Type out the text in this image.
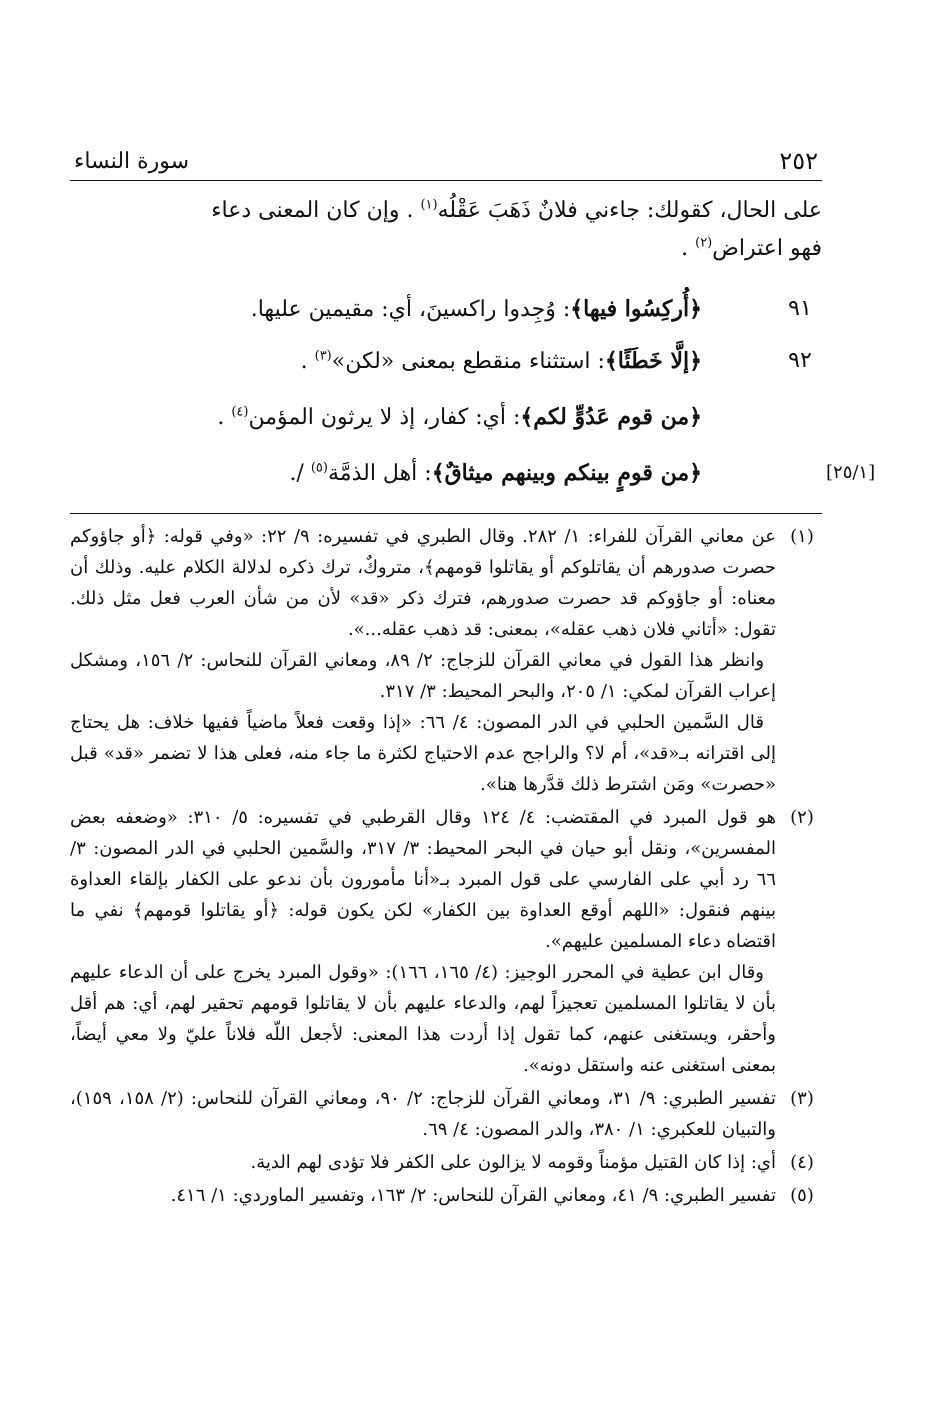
٢٥٢
سورة النساء

على الحال، كقولك: جاءني فلانٌ ذَهَبَ عَقْلُه$^{(١)}$ . وإن كان المعنى دعاء

فهو اعتراض$^{(٢)}$ .

٩١
﴿أُركِسُوا فيها﴾: وُجِدوا راكسينَ، أي: مقيمين عليها.
٩٢
﴿إلَّا خَطَئًا﴾: استثناء منقطع بمعنى «لكن»$^{(٣)}$ .
﴿من قوم عَدُوٍّ لكم﴾: أي: كفار، إذ لا يرثون المؤمن$^{(٤)}$ .
[٢٥/١]
﴿من قومٍ بينكم وبينهم ميثاقٌ﴾: أهل الذمَّة$^{(٥)}$ /.
(١)

عن معاني القرآن للفراء: ١/ ٢٨٢. وقال الطبري في تفسيره: ٩/ ٢٢: «وفي قوله: ﴿أو جاؤوكم حصرت صدورهم أن يقاتلوكم أو يقاتلوا قومهم﴾، متروكٌ، ترك ذكره لدلالة الكلام عليه. وذلك أن معناه: أو جاؤوكم قد حصرت صدورهم، فترك ذكر «قد» لأن من شأن العرب فعل مثل ذلك. تقول: «أتاني فلان ذهب عقله»، بمعنى: قد ذهب عقله...».

وانظر هذا القول في معاني القرآن للزجاج: ٢/ ٨٩، ومعاني القرآن للنحاس: ٢/ ١٥٦، ومشكل إعراب القرآن لمكي: ١/ ٢٠٥، والبحر المحيط: ٣/ ٣١٧.

قال السَّمين الحلبي في الدر المصون: ٤/ ٦٦: «إذا وقعت فعلاً ماضياً ففيها خلاف: هل يحتاج إلى اقترانه بـ«قد»، أم لا؟ والراجح عدم الاحتياج لكثرة ما جاء منه، فعلى هذا لا تضمر «قد» قبل «حصرت» ومَن اشترط ذلك قدَّرها هنا».

(٢)

هو قول المبرد في المقتضب: ٤/ ١٢٤ وقال القرطبي في تفسيره: ٥/ ٣١٠: «وضعفه بعض المفسرين»، ونقل أبو حيان في البحر المحيط: ٣/ ٣١٧، والسَّمين الحلبي في الدر المصون: ٣/ ٦٦ رد أبي على الفارسي على قول المبرد بـ«أنا مأمورون بأن ندعو على الكفار بإلقاء العداوة بينهم فنقول: «اللهم أوقع العداوة بين الكفار» لكن يكون قوله: ﴿أو يقاتلوا قومهم﴾ نفي ما اقتضاه دعاء المسلمين عليهم».

وقال ابن عطية في المحرر الوجيز: (٤/ ١٦٥، ١٦٦): «وقول المبرد يخرج على أن الدعاء عليهم بأن لا يقاتلوا المسلمين تعجيزاً لهم، والدعاء عليهم بأن لا يقاتلوا قومهم تحقير لهم، أي: هم أقل وأحقر، ويستغنى عنهم، كما تقول إذا أردت هذا المعنى: لأجعل اللّه فلاناً عليّ ولا معي أيضاً، بمعنى استغنى عنه واستقل دونه».

(٣)

تفسير الطبري: ٩/ ٣١، ومعاني القرآن للزجاج: ٢/ ٩٠، ومعاني القرآن للنحاس: (٢/ ١٥٨، ١٥٩)، والتبيان للعكبري: ١/ ٣٨٠، والدر المصون: ٤/ ٦٩.

(٤)

أي: إذا كان القتيل مؤمناً وقومه لا يزالون على الكفر فلا تؤدى لهم الدية.

(٥)

تفسير الطبري: ٩/ ٤١، ومعاني القرآن للنحاس: ٢/ ١٦٣، وتفسير الماوردي: ١/ ٤١٦.
